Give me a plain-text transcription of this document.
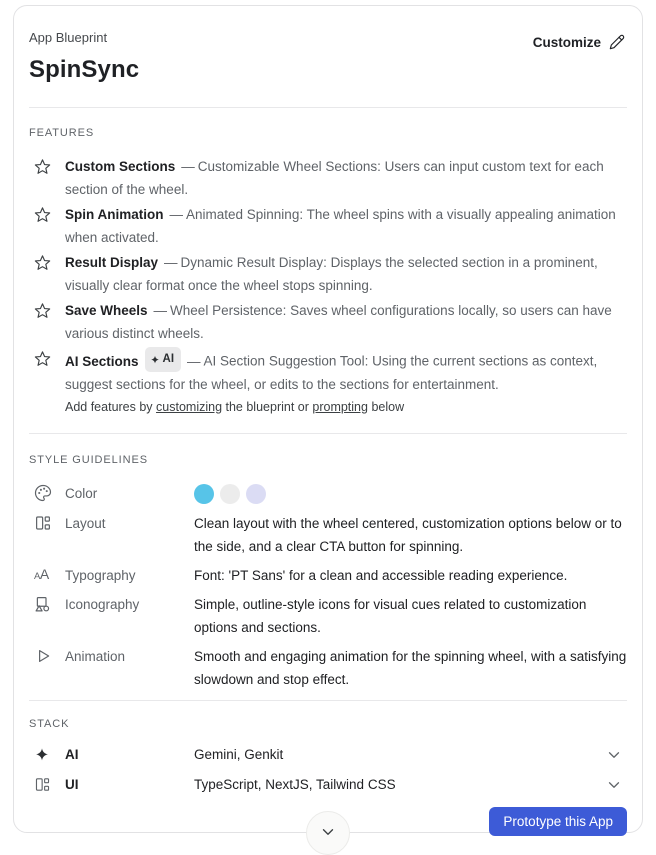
App Blueprint
SpinSync
Customize
FEATURES
Custom Sections — Customizable Wheel Sections: Users can input custom text for each section of the wheel.
Spin Animation — Animated Spinning: The wheel spins with a visually appealing animation when activated.
Result Display — Dynamic Result Display: Displays the selected section in a prominent, visually clear format once the wheel stops spinning.
Save Wheels — Wheel Persistence: Saves wheel configurations locally, so users can have various distinct wheels.
AI Sections AI — AI Section Suggestion Tool: Using the current sections as context, suggest sections for the wheel, or edits to the sections for entertainment.
Add features by customizing the blueprint or prompting below
STYLE GUIDELINES
Color
Layout	Clean layout with the wheel centered, customization options below or to the side, and a clear CTA button for spinning.
AA Typography	Font: 'PT Sans' for a clean and accessible reading experience.
Iconography	Simple, outline-style icons for visual cues related to customization options and sections.
Animation	Smooth and engaging animation for the spinning wheel, with a satisfying slowdown and stop effect.
STACK
AI	Gemini, Genkit
UI	TypeScript, NextJS, Tailwind CSS
Prototype this App
